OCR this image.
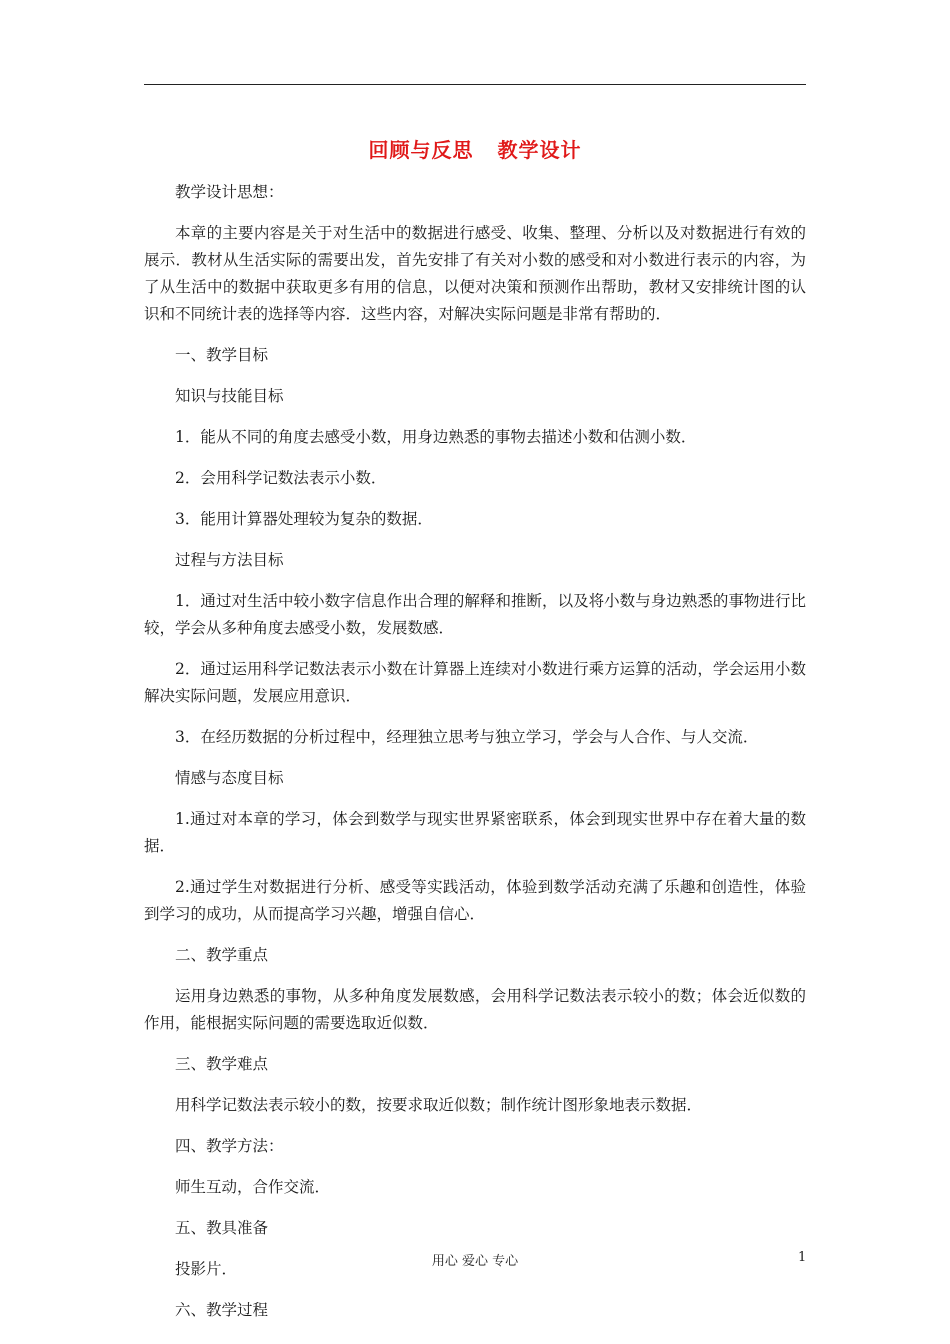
回顾与反思 教学设计

教学设计思想：

本章的主要内容是关于对生活中的数据进行感受、收集、整理、分析以及对数据进行有效的展示．教材从生活实际的需要出发，首先安排了有关对小数的感受和对小数进行表示的内容，为了从生活中的数据中获取更多有用的信息，以便对决策和预测作出帮助，教材又安排统计图的认识和不同统计表的选择等内容．这些内容，对解决实际问题是非常有帮助的．

一、教学目标

知识与技能目标

1．能从不同的角度去感受小数，用身边熟悉的事物去描述小数和估测小数．

2．会用科学记数法表示小数．

3．能用计算器处理较为复杂的数据．

过程与方法目标

1．通过对生活中较小数字信息作出合理的解释和推断，以及将小数与身边熟悉的事物进行比较，学会从多种角度去感受小数，发展数感．

2．通过运用科学记数法表示小数在计算器上连续对小数进行乘方运算的活动，学会运用小数解决实际问题，发展应用意识．

3．在经历数据的分析过程中，经理独立思考与独立学习，学会与人合作、与人交流．

情感与态度目标

1.通过对本章的学习，体会到数学与现实世界紧密联系，体会到现实世界中存在着大量的数据．

2.通过学生对数据进行分析、感受等实践活动，体验到数学活动充满了乐趣和创造性，体验到学习的成功，从而提高学习兴趣，增强自信心．

二、教学重点

运用身边熟悉的事物，从多种角度发展数感，会用科学记数法表示较小的数；体会近似数的作用，能根据实际问题的需要选取近似数．

三、教学难点

用科学记数法表示较小的数，按要求取近似数；制作统计图形象地表示数据．

四、教学方法：

师生互动，合作交流．

五、教具准备

投影片．

六、教学过程

用心 爱心 专心	1
